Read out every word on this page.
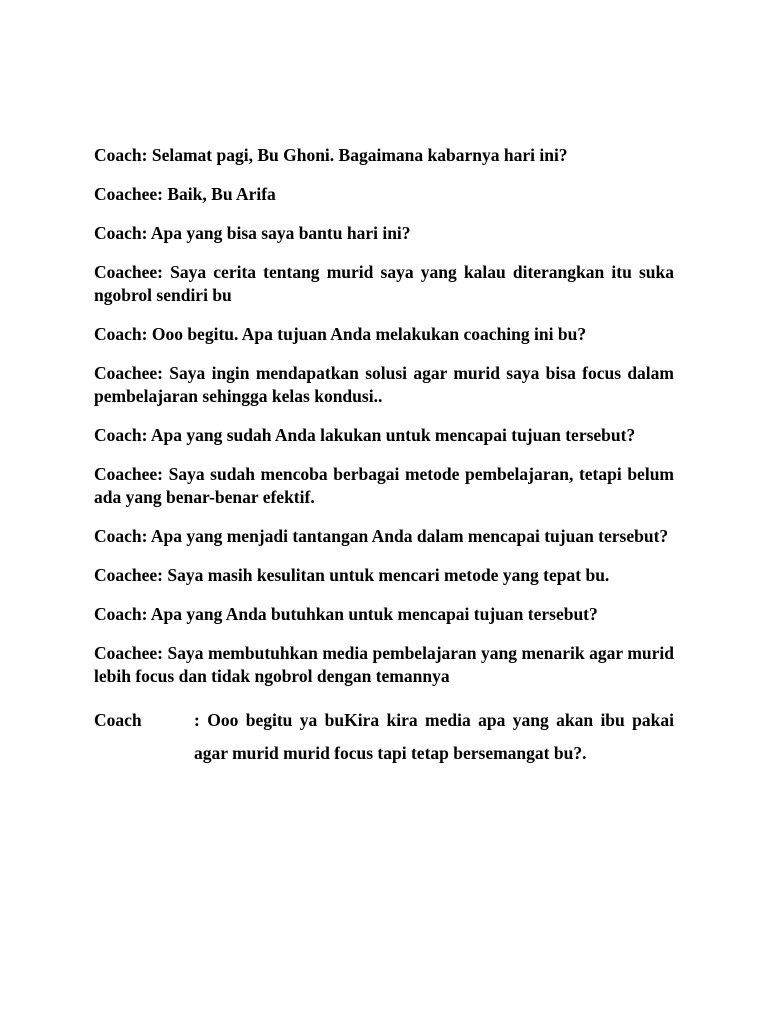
Coach: Selamat pagi, Bu Ghoni. Bagaimana kabarnya hari ini?

Coachee: Baik, Bu Arifa

Coach: Apa yang bisa saya bantu hari ini?

Coachee: Saya cerita tentang murid saya yang kalau diterangkan itu suka ngobrol sendiri bu

Coach: Ooo begitu. Apa tujuan Anda melakukan coaching ini bu?

Coachee: Saya ingin mendapatkan solusi agar murid saya bisa focus dalam pembelajaran sehingga kelas kondusi..

Coach: Apa yang sudah Anda lakukan untuk mencapai tujuan tersebut?

Coachee: Saya sudah mencoba berbagai metode pembelajaran, tetapi belum ada yang benar-benar efektif.

Coach: Apa yang menjadi tantangan Anda dalam mencapai tujuan tersebut?

Coachee: Saya masih kesulitan untuk mencari metode yang tepat bu.

Coach: Apa yang Anda butuhkan untuk mencapai tujuan tersebut?

Coachee: Saya membutuhkan media pembelajaran yang menarik agar murid lebih focus dan tidak ngobrol dengan temannya

Coach	: Ooo begitu ya buKira kira media apa yang akan ibu pakai agar murid murid focus tapi tetap bersemangat bu?.
